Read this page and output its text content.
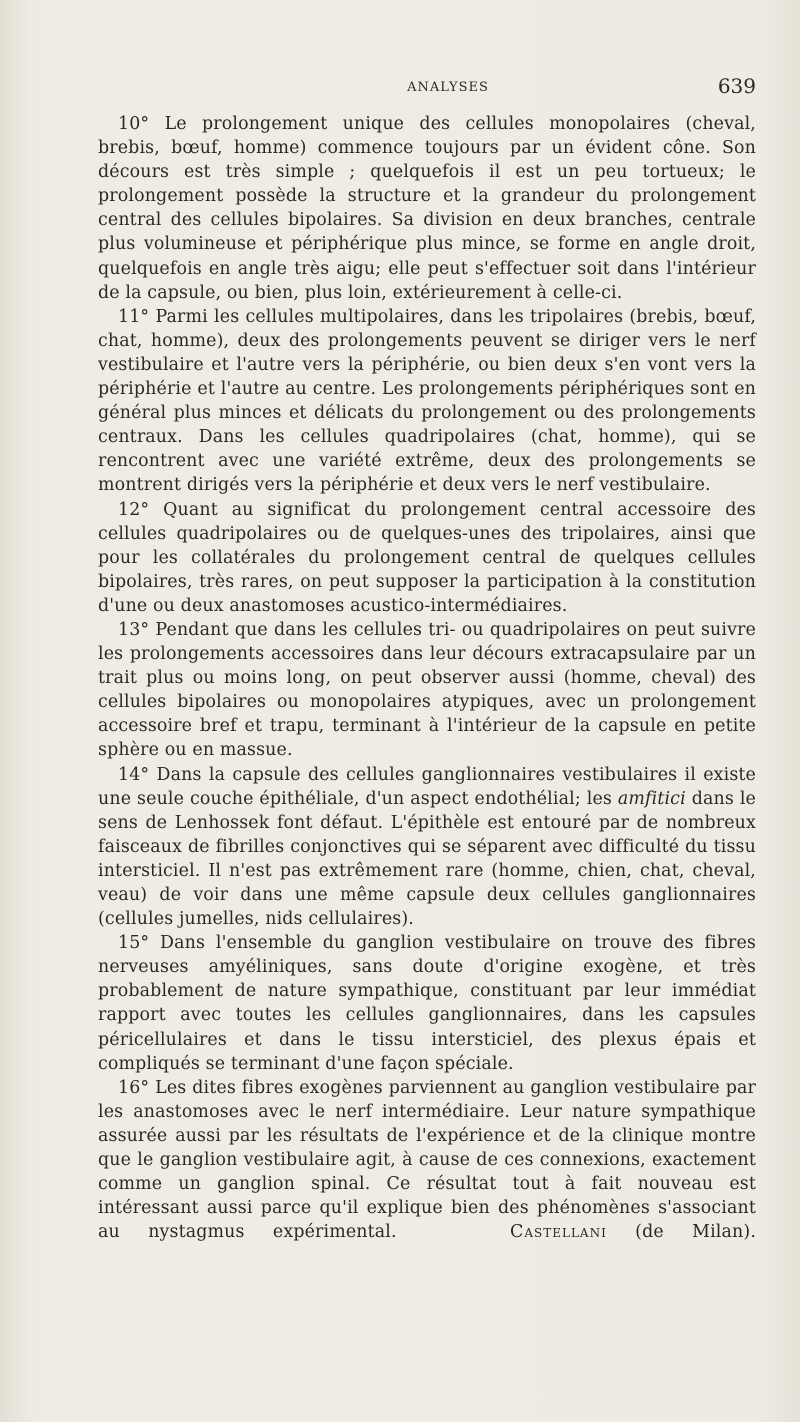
ANALYSES	639

10° Le prolongement unique des cellules monopolaires (cheval, brebis, bœuf, homme) commence toujours par un évident cône. Son décours est très simple ; quelquefois il est un peu tortueux; le prolongement possède la structure et la grandeur du prolongement central des cellules bipolaires. Sa division en deux branches, centrale plus volumineuse et périphérique plus mince, se forme en angle droit, quelquefois en angle très aigu; elle peut s'effectuer soit dans l'intérieur de la capsule, ou bien, plus loin, extérieurement à celle-ci.

11° Parmi les cellules multipolaires, dans les tripolaires (brebis, bœuf, chat, homme), deux des prolongements peuvent se diriger vers le nerf vestibulaire et l'autre vers la périphérie, ou bien deux s'en vont vers la périphérie et l'autre au centre. Les prolongements périphériques sont en général plus minces et délicats du prolongement ou des prolongements centraux. Dans les cellules quadripolaires (chat, homme), qui se rencontrent avec une variété extrême, deux des prolongements se montrent dirigés vers la périphérie et deux vers le nerf vestibulaire.

12° Quant au significat du prolongement central accessoire des cellules quadripolaires ou de quelques-unes des tripolaires, ainsi que pour les collatérales du prolongement central de quelques cellules bipolaires, très rares, on peut supposer la participation à la constitution d'une ou deux anastomoses acustico-intermédiaires.

13° Pendant que dans les cellules tri- ou quadripolaires on peut suivre les prolongements accessoires dans leur décours extracapsulaire par un trait plus ou moins long, on peut observer aussi (homme, cheval) des cellules bipolaires ou monopolaires atypiques, avec un prolongement accessoire bref et trapu, terminant à l'intérieur de la capsule en petite sphère ou en massue.

14° Dans la capsule des cellules ganglionnaires vestibulaires il existe une seule couche épithéliale, d'un aspect endothélial; les amfitici dans le sens de Lenhossek font défaut. L'épithèle est entouré par de nombreux faisceaux de fibrilles conjonctives qui se séparent avec difficulté du tissu intersticiel. Il n'est pas extrêmement rare (homme, chien, chat, cheval, veau) de voir dans une même capsule deux cellules ganglionnaires (cellules jumelles, nids cellulaires).

15° Dans l'ensemble du ganglion vestibulaire on trouve des fibres nerveuses amyéliniques, sans doute d'origine exogène, et très probablement de nature sympathique, constituant par leur immédiat rapport avec toutes les cellules ganglionnaires, dans les capsules péricellulaires et dans le tissu intersticiel, des plexus épais et compliqués se terminant d'une façon spéciale.

16° Les dites fibres exogènes parviennent au ganglion vestibulaire par les anastomoses avec le nerf intermédiaire. Leur nature sympathique assurée aussi par les résultats de l'expérience et de la clinique montre que le ganglion vestibulaire agit, à cause de ces connexions, exactement comme un ganglion spinal. Ce résultat tout à fait nouveau est intéressant aussi parce qu'il explique bien des phénomènes s'associant au nystagmus expérimental.	Castellani (de Milan).
